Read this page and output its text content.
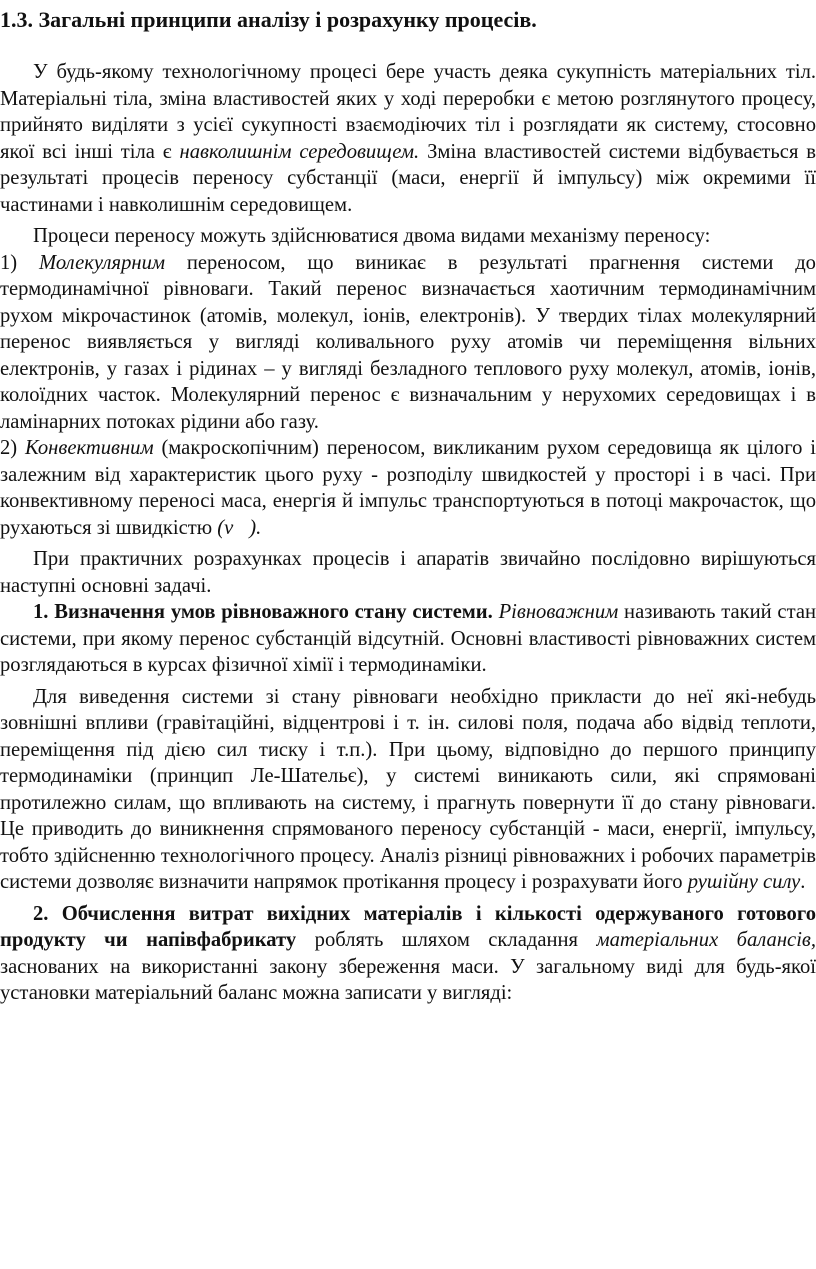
1.3. Загальні принципи аналізу і розрахунку процесів.

У будь-якому технологічному процесі бере участь деяка сукупність матеріальних тіл. Матеріальні тіла, зміна властивостей яких у ході переробки є метою розглянутого процесу, прийнято виділяти з усієї сукупності взаємодіючих тіл і розглядати як систему, стосовно якої всі інші тіла є навколишнім середовищем. Зміна властивостей системи відбувається в результаті процесів переносу субстанції (маси, енергії й імпульсу) між окремими її частинами і навколишнім середовищем.

Процеси переносу можуть здійснюватися двома видами механізму переносу:

1) Молекулярним переносом, що виникає в результаті прагнення системи до термодинамічної рівноваги. Такий перенос визначається хаотичним термодинамічним рухом мікрочастинок (атомів, молекул, іонів, електронів). У твердих тілах молекулярний перенос виявляється у вигляді коливального руху атомів чи переміщення вільних електронів, у газах і рідинах – у вигляді безладного теплового руху молекул, атомів, іонів, колоїдних часток. Молекулярний перенос є визначальним у нерухомих середовищах і в ламінарних потоках рідини або газу.

2) Конвективним (макроскопічним) переносом, викликаним рухом середовища як цілого і залежним від характеристик цього руху - розподілу швидкостей у просторі і в часі. При конвективному переносі маса, енергія й імпульс транспортуються в потоці макрочасток, що рухаються зі швидкістю (v⃗).

При практичних розрахунках процесів і апаратів звичайно послідовно вирішуються наступні основні задачі.

1. Визначення умов рівноважного стану системи. Рівноважним називають такий стан системи, при якому перенос субстанцій відсутній. Основні властивості рівноважних систем розглядаються в курсах фізичної хімії і термодинаміки.

Для виведення системи зі стану рівноваги необхідно прикласти до неї які-небудь зовнішні впливи (гравітаційні, відцентрові і т. ін. силові поля, подача або відвід теплоти, переміщення під дією сил тиску і т.п.). При цьому, відповідно до першого принципу термодинаміки (принцип Ле-Шательє), у системі виникають сили, які спрямовані протилежно силам, що впливають на систему, і прагнуть повернути її до стану рівноваги. Це приводить до виникнення спрямованого переносу субстанцій - маси, енергії, імпульсу, тобто здійсненню технологічного процесу. Аналіз різниці рівноважних і робочих параметрів системи дозволяє визначити напрямок протікання процесу і розрахувати його рушійну силу.

2. Обчислення витрат вихідних матеріалів і кількості одержуваного готового продукту чи напівфабрикату роблять шляхом складання матеріальних балансів, заснованих на використанні закону збереження маси. У загальному виді для будь-якої установки матеріальний баланс можна записати у вигляді:
